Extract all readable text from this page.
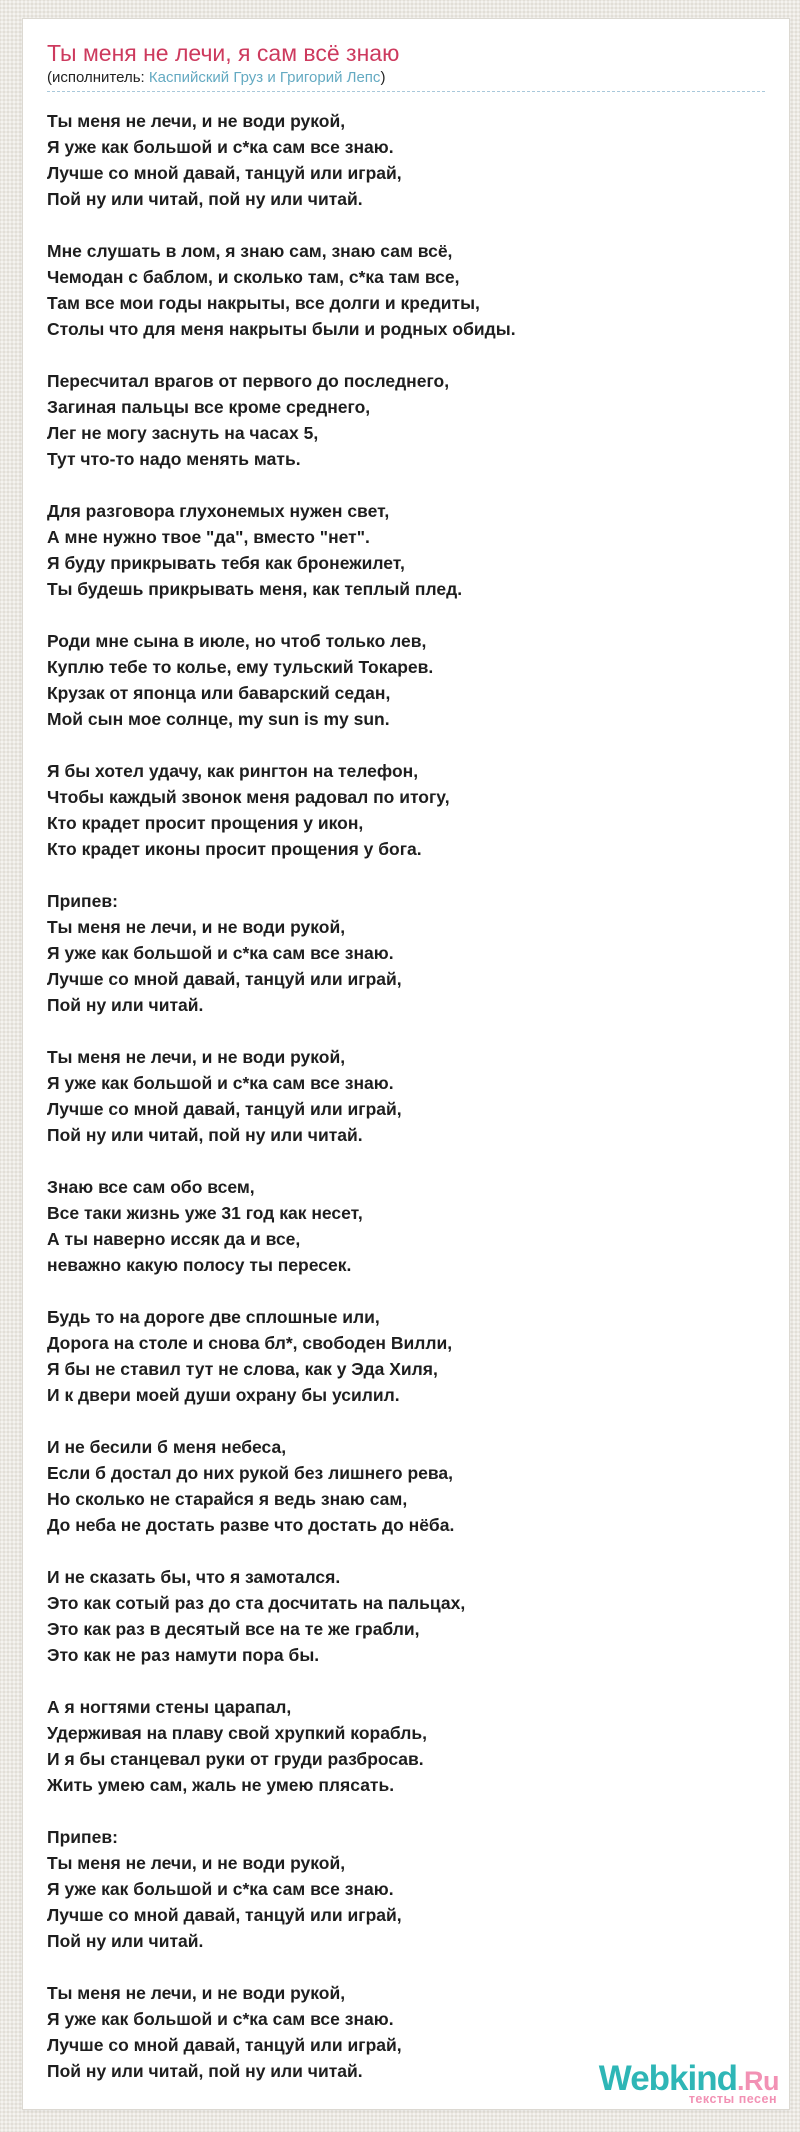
Ты меня не лечи, я сам всё знаю
(исполнитель: Каспийский Груз и Григорий Лепс)

Ты меня не лечи, и не води рукой,

Я уже как большой и с*ка сам все знаю.

Лучше со мной давай, танцуй или играй,

Пой ну или читай, пой ну или читай.

Мне слушать в лом, я знаю сам, знаю сам всё,

Чемодан с баблом, и сколько там, с*ка там все,

Там все мои годы накрыты, все долги и кредиты,

Столы что для меня накрыты были и родных обиды.

Пересчитал врагов от первого до последнего,

Загиная пальцы все кроме среднего,

Лег не могу заснуть на часах 5,

Тут что-то надо менять мать.

Для разговора глухонемых нужен свет,

А мне нужно твое "да", вместо "нет".

Я буду прикрывать тебя как бронежилет,

Ты будешь прикрывать меня, как теплый плед.

Роди мне сына в июле, но чтоб только лев,

Куплю тебе то колье, ему тульский Токарев.

Крузак от японца или баварский седан,

Мой сын мое солнце, my sun is my sun.

Я бы хотел удачу, как рингтон на телефон,

Чтобы каждый звонок меня радовал по итогу,

Кто крадет просит прощения у икон,

Кто крадет иконы просит прощения у бога.

Припев:

Ты меня не лечи, и не води рукой,

Я уже как большой и с*ка сам все знаю.

Лучше со мной давай, танцуй или играй,

Пой ну или читай.

Ты меня не лечи, и не води рукой,

Я уже как большой и с*ка сам все знаю.

Лучше со мной давай, танцуй или играй,

Пой ну или читай, пой ну или читай.

Знаю все сам обо всем,

Все таки жизнь уже 31 год как несет,

А ты наверно иссяк да и все,

неважно какую полосу ты пересек.

Будь то на дороге две сплошные или,

Дорога на столе и снова бл*, свободен Вилли,

Я бы не ставил тут не слова, как у Эда Хиля,

И к двери моей души охрану бы усилил.

И не бесили б меня небеса,

Если б достал до них рукой без лишнего рева,

Но сколько не старайся я ведь знаю сам,

До неба не достать разве что достать до нёба.

И не сказать бы, что я замотался.

Это как сотый раз до ста досчитать на пальцах,

Это как раз в десятый все на те же грабли,

Это как не раз намути пора бы.

А я ногтями стены царапал,

Удерживая на плаву свой хрупкий корабль,

И я бы станцевал руки от груди разбросав.

Жить умею сам, жаль не умею плясать.

Припев:

Ты меня не лечи, и не води рукой,

Я уже как большой и с*ка сам все знаю.

Лучше со мной давай, танцуй или играй,

Пой ну или читай.

Ты меня не лечи, и не води рукой,

Я уже как большой и с*ка сам все знаю.

Лучше со мной давай, танцуй или играй,

Пой ну или читай, пой ну или читай.	Webkind.Ru
тексты песен
